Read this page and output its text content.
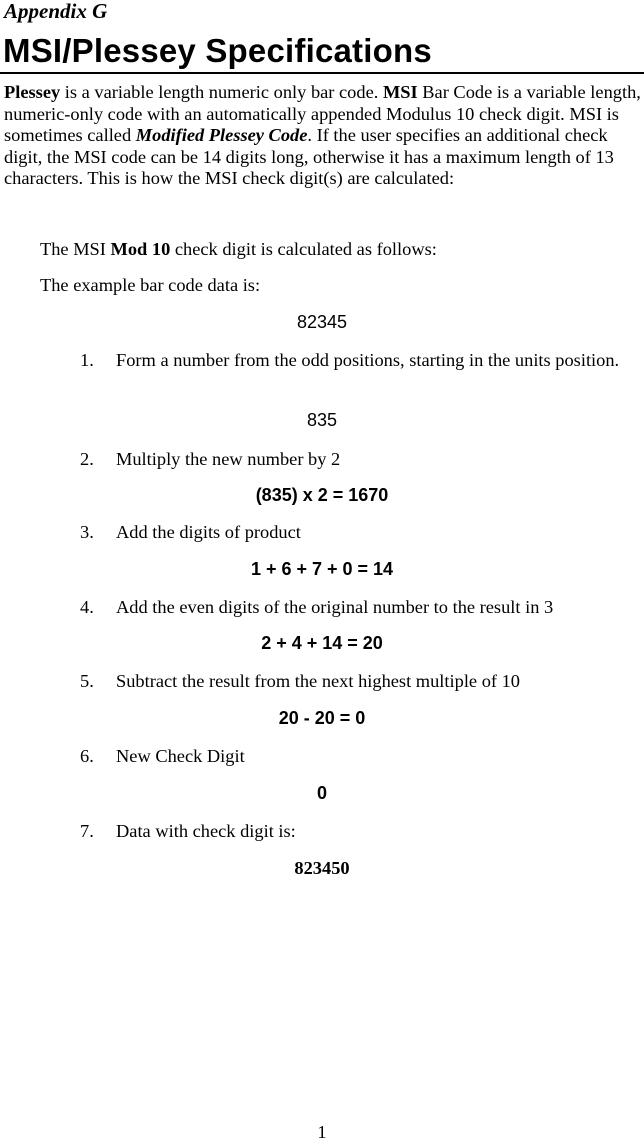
Appendix G
MSI/Plessey Specifications
Plessey is a variable length numeric only bar code. MSI Bar Code is a variable length, numeric-only code with an automatically appended Modulus 10 check digit. MSI is sometimes called Modified Plessey Code. If the user specifies an additional check digit, the MSI code can be 14 digits long, otherwise it has a maximum length of 13 characters. This is how the MSI check digit(s) are calculated:
The MSI Mod 10 check digit is calculated as follows:
The example bar code data is:
82345
1. Form a number from the odd positions, starting in the units position.
835
2. Multiply the new number by 2
(835) x 2 = 1670
3. Add the digits of product
1 + 6 + 7 + 0 = 14
4. Add the even digits of the original number to the result in 3
2 + 4 + 14 = 20
5. Subtract the result from the next highest multiple of 10
20 - 20 = 0
6. New Check Digit
0
7. Data with check digit is:
823450
1
